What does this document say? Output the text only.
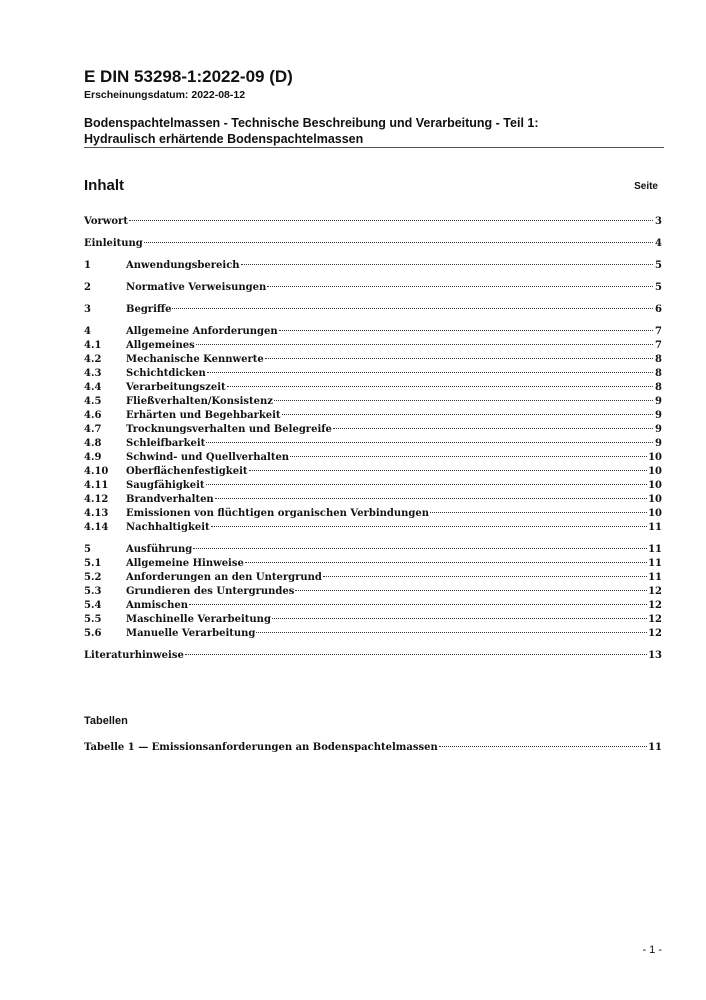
E DIN 53298-1:2022-09 (D)
Erscheinungsdatum: 2022-08-12
Bodenspachtelmassen - Technische Beschreibung und Verarbeitung - Teil 1:
Hydraulisch erhärtende Bodenspachtelmassen
Inhalt	Seite
Vorwort	3
Einleitung	4
1	Anwendungsbereich	5
2	Normative Verweisungen	5
3	Begriffe	6
4	Allgemeine Anforderungen	7
4.1	Allgemeines	7
4.2	Mechanische Kennwerte	8
4.3	Schichtdicken	8
4.4	Verarbeitungszeit	8
4.5	Fließverhalten/Konsistenz	9
4.6	Erhärten und Begehbarkeit	9
4.7	Trocknungsverhalten und Belegreife	9
4.8	Schleifbarkeit	9
4.9	Schwind- und Quellverhalten	10
4.10	Oberflächenfestigkeit	10
4.11	Saugfähigkeit	10
4.12	Brandverhalten	10
4.13	Emissionen von flüchtigen organischen Verbindungen	10
4.14	Nachhaltigkeit	11
5	Ausführung	11
5.1	Allgemeine Hinweise	11
5.2	Anforderungen an den Untergrund	11
5.3	Grundieren des Untergrundes	12
5.4	Anmischen	12
5.5	Maschinelle Verarbeitung	12
5.6	Manuelle Verarbeitung	12
Literaturhinweise	13
Tabellen
Tabelle 1 — Emissionsanforderungen an Bodenspachtelmassen	11
- 1 -
